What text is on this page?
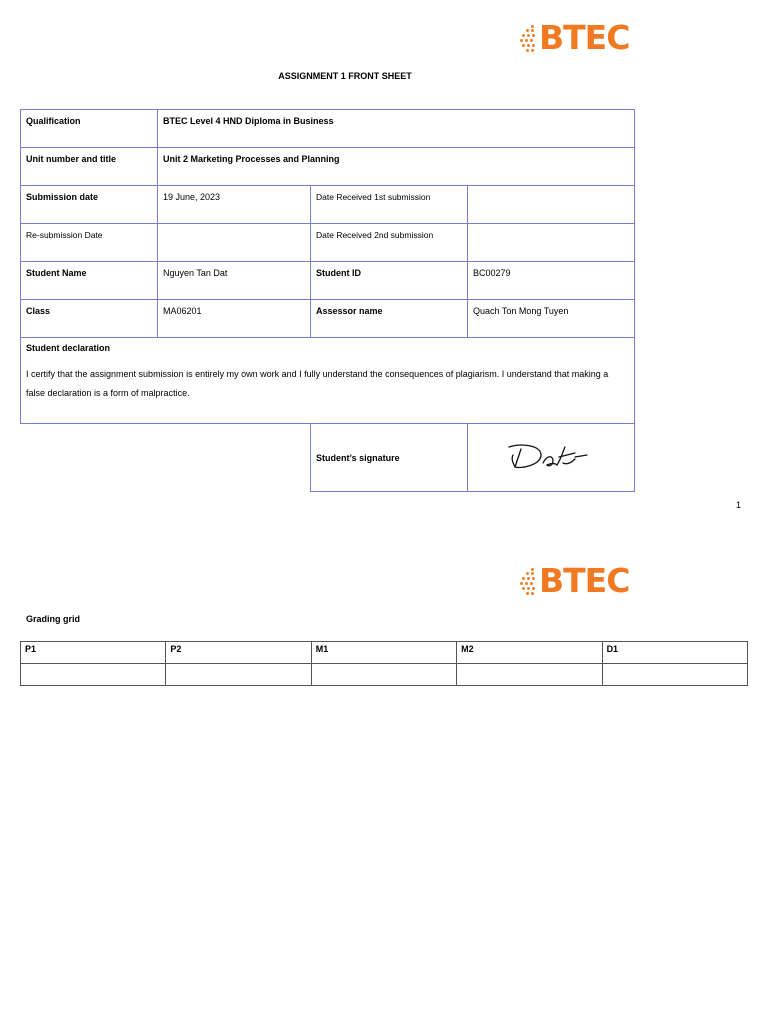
BTEC
ASSIGNMENT 1 FRONT SHEET
Qualification	BTEC Level 4 HND Diploma in Business		
Unit number and title	Unit 2 Marketing Processes and Planning		
Submission date	19 June, 2023	Date Received 1st submission	
Re-submission Date		Date Received 2nd submission	
Student Name	Nguyen Tan Dat	Student ID	BC00279
Class	MA06201	Assessor name	Quach Ton Mong Tuyen

Student declaration
I certify that the assignment submission is entirely my own work and I fully understand the consequences of plagiarism. I understand that making a false declaration is a form of malpractice.			

		Student’s signature	
1
BTEC
Grading grid
P1	P2	M1	M2	D1
